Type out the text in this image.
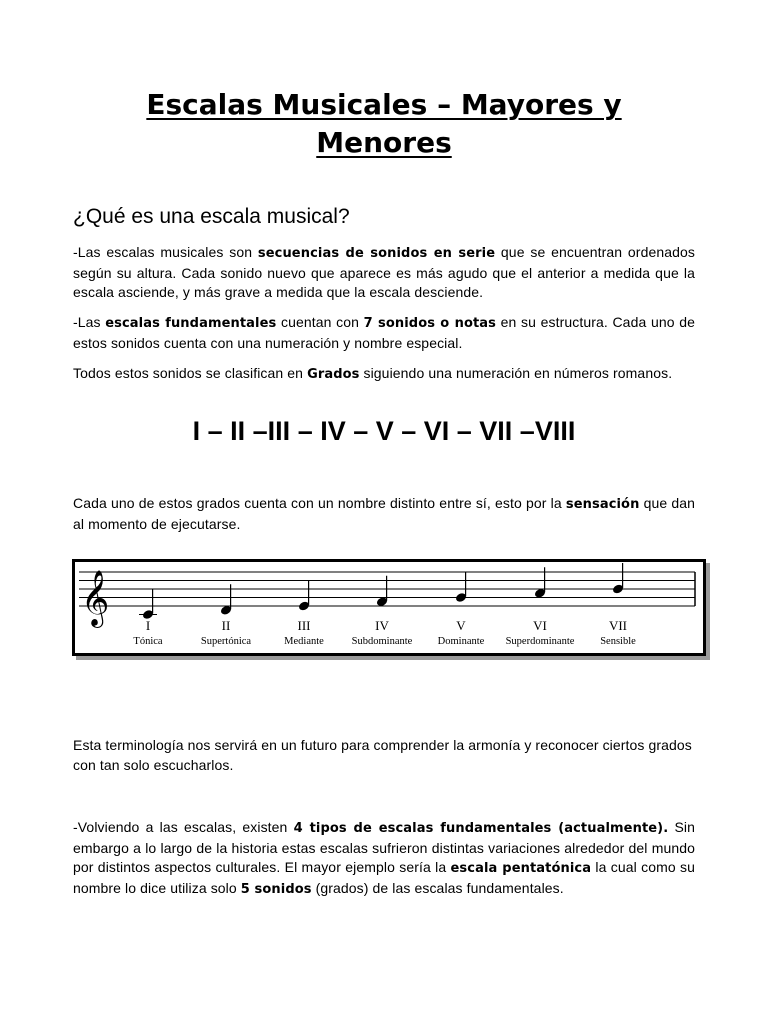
Escalas Musicales – Mayores y Menores
¿Qué es una escala musical?
-Las escalas musicales son secuencias de sonidos en serie que se encuentran ordenados según su altura. Cada sonido nuevo que aparece es más agudo que el anterior a medida que la escala asciende, y más grave a medida que la escala desciende.
-Las escalas fundamentales cuentan con 7 sonidos o notas en su estructura. Cada uno de estos sonidos cuenta con una numeración y nombre especial.
Todos estos sonidos se clasifican en Grados siguiendo una numeración en números romanos.
I – II –III – IV – V – VI – VII –VIII
Cada uno de estos grados cuenta con un nombre distinto entre sí, esto por la sensación que dan al momento de ejecutarse.
𝄞	I
Tónica
II
Supertónica
III
Mediante
IV
Subdominante
V
Dominante
VI
Superdominante
VII
Sensible
Esta terminología nos servirá en un futuro para comprender la armonía y reconocer ciertos grados con tan solo escucharlos.
-Volviendo a las escalas, existen 4 tipos de escalas fundamentales (actualmente). Sin embargo a lo largo de la historia estas escalas sufrieron distintas variaciones alrededor del mundo por distintos aspectos culturales. El mayor ejemplo sería la escala pentatónica la cual como su nombre lo dice utiliza solo 5 sonidos (grados) de las escalas fundamentales.
